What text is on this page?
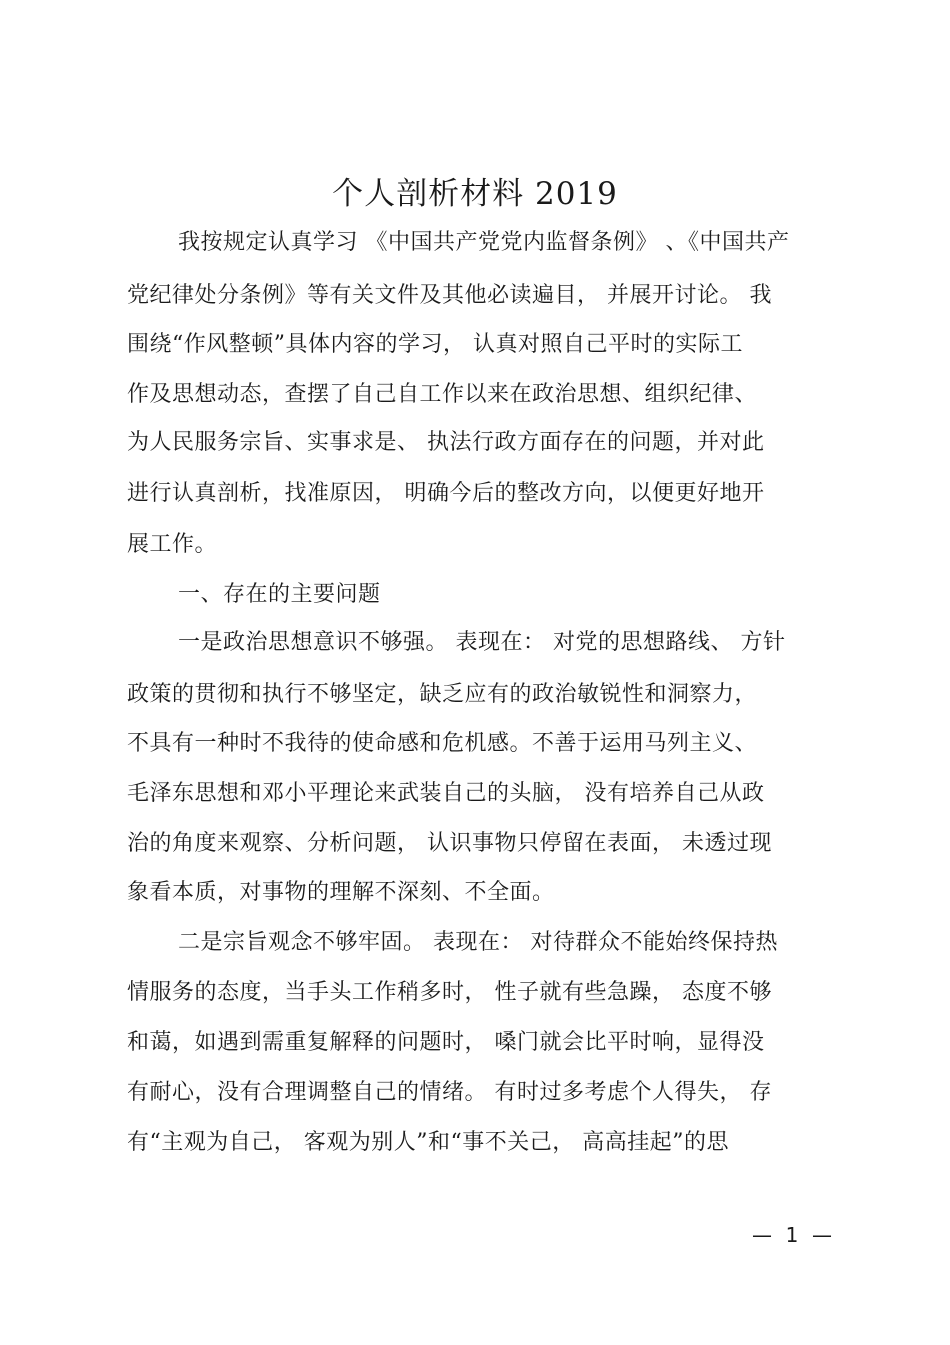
个人剖析材料 2019
我按规定认真学习 《中国共产党党内监督条例》 、《中国共产
党纪律处分条例》等有关文件及其他必读遍目， 并展开讨论。 我
围绕“作风整顿”具体内容的学习， 认真对照自己平时的实际工
作及思想动态，查摆了自己自工作以来在政治思想、组织纪律、
为人民服务宗旨、实事求是、 执法行政方面存在的问题，并对此
进行认真剖析，找准原因， 明确今后的整改方向，以便更好地开
展工作。
一、存在的主要问题
一是政治思想意识不够强。 表现在： 对党的思想路线、 方针
政策的贯彻和执行不够坚定，缺乏应有的政治敏锐性和洞察力，
不具有一种时不我待的使命感和危机感。不善于运用马列主义、
毛泽东思想和邓小平理论来武装自己的头脑， 没有培养自己从政
治的角度来观察、分析问题， 认识事物只停留在表面， 未透过现
象看本质，对事物的理解不深刻、不全面。
二是宗旨观念不够牢固。 表现在： 对待群众不能始终保持热
情服务的态度，当手头工作稍多时， 性子就有些急躁， 态度不够
和蔼，如遇到需重复解释的问题时， 嗓门就会比平时响，显得没
有耐心，没有合理调整自己的情绪。 有时过多考虑个人得失， 存
有“主观为自己， 客观为别人”和“事不关己， 高高挂起”的思
— 1 —
